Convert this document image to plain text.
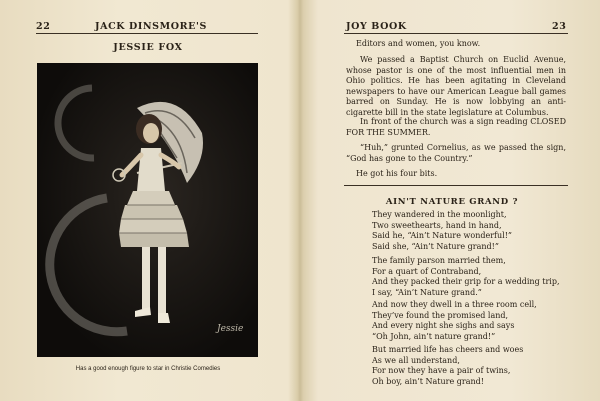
22	JACK DINSMORE'S
JESSIE FOX
Jessie
Has a good enough figure to star in Christie Comedies
JOY BOOK	23

Editors and women, you know.

We passed a Baptist Church on Euclid Avenue, whose pastor is one of the most influential men in Ohio politics. He has been agitating in Cleveland newspapers to have our American League ball games barred on Sunday. He is now lobbying an anti-cigarette bill in the state legislature at Columbus.

In front of the church was a sign reading CLOSED FOR THE SUMMER.

“Huh,” grunted Cornelius, as we passed the sign, “God has gone to the Country.”

He got his four bits.

AIN'T NATURE GRAND ?

They wandered in the moonlight,
Two sweethearts, hand in hand,
Said he, “Ain’t Nature wonderful!”
Said she, “Ain’t Nature grand!”

The family parson married them,
For a quart of Contraband,
And they packed their grip for a wedding trip,
I say, “Ain’t Nature grand.”

And now they dwell in a three room cell,
They’ve found the promised land,
And every night she sighs and says
“Oh John, ain’t nature grand!”

But married life has cheers and woes
As we all understand,
For now they have a pair of twins,
Oh boy, ain’t Nature grand!
